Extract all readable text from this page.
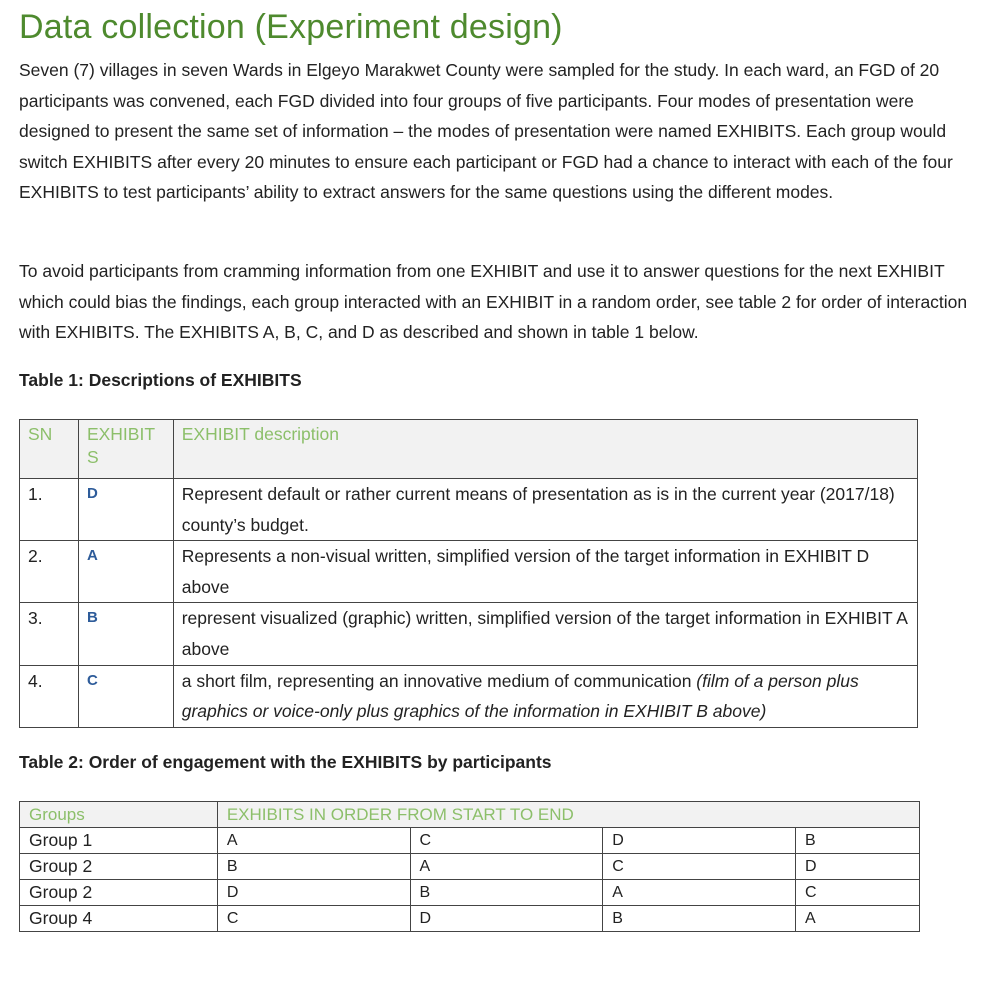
Data collection (Experiment design)

Seven (7) villages in seven Wards in Elgeyo Marakwet County were sampled for the study. In each ward, an FGD of 20 participants was convened, each FGD divided into four groups of five participants. Four modes of presentation were designed to present the same set of information – the modes of presentation were named EXHIBITS. Each group would switch EXHIBITS after every 20 minutes to ensure each participant or FGD had a chance to interact with each of the four EXHIBITS to test participants’ ability to extract answers for the same questions using the different modes.

To avoid participants from cramming information from one EXHIBIT and use it to answer questions for the next EXHIBIT which could bias the findings, each group interacted with an EXHIBIT in a random order, see table 2 for order of interaction with EXHIBITS. The EXHIBITS A, B, C, and D as described and shown in table 1 below.

Table 1: Descriptions of EXHIBITS

SN	EXHIBIT S	EXHIBIT description
1.	D	Represent default or rather current means of presentation as is in the current year (2017/18) county’s budget.
2.	A	Represents a non-visual written, simplified version of the target information in EXHIBIT D above
3.	B	represent visualized (graphic) written, simplified version of the target information in EXHIBIT A above
4.	C	a short film, representing an innovative medium of communication (film of a person plus graphics or voice-only plus graphics of the information in EXHIBIT B above)

Table 2: Order of engagement with the EXHIBITS by participants

Groups	EXHIBITS IN ORDER FROM START TO END			
Group 1	A	C	D	B
Group 2	B	A	C	D
Group 2	D	B	A	C
Group 4	C	D	B	A
